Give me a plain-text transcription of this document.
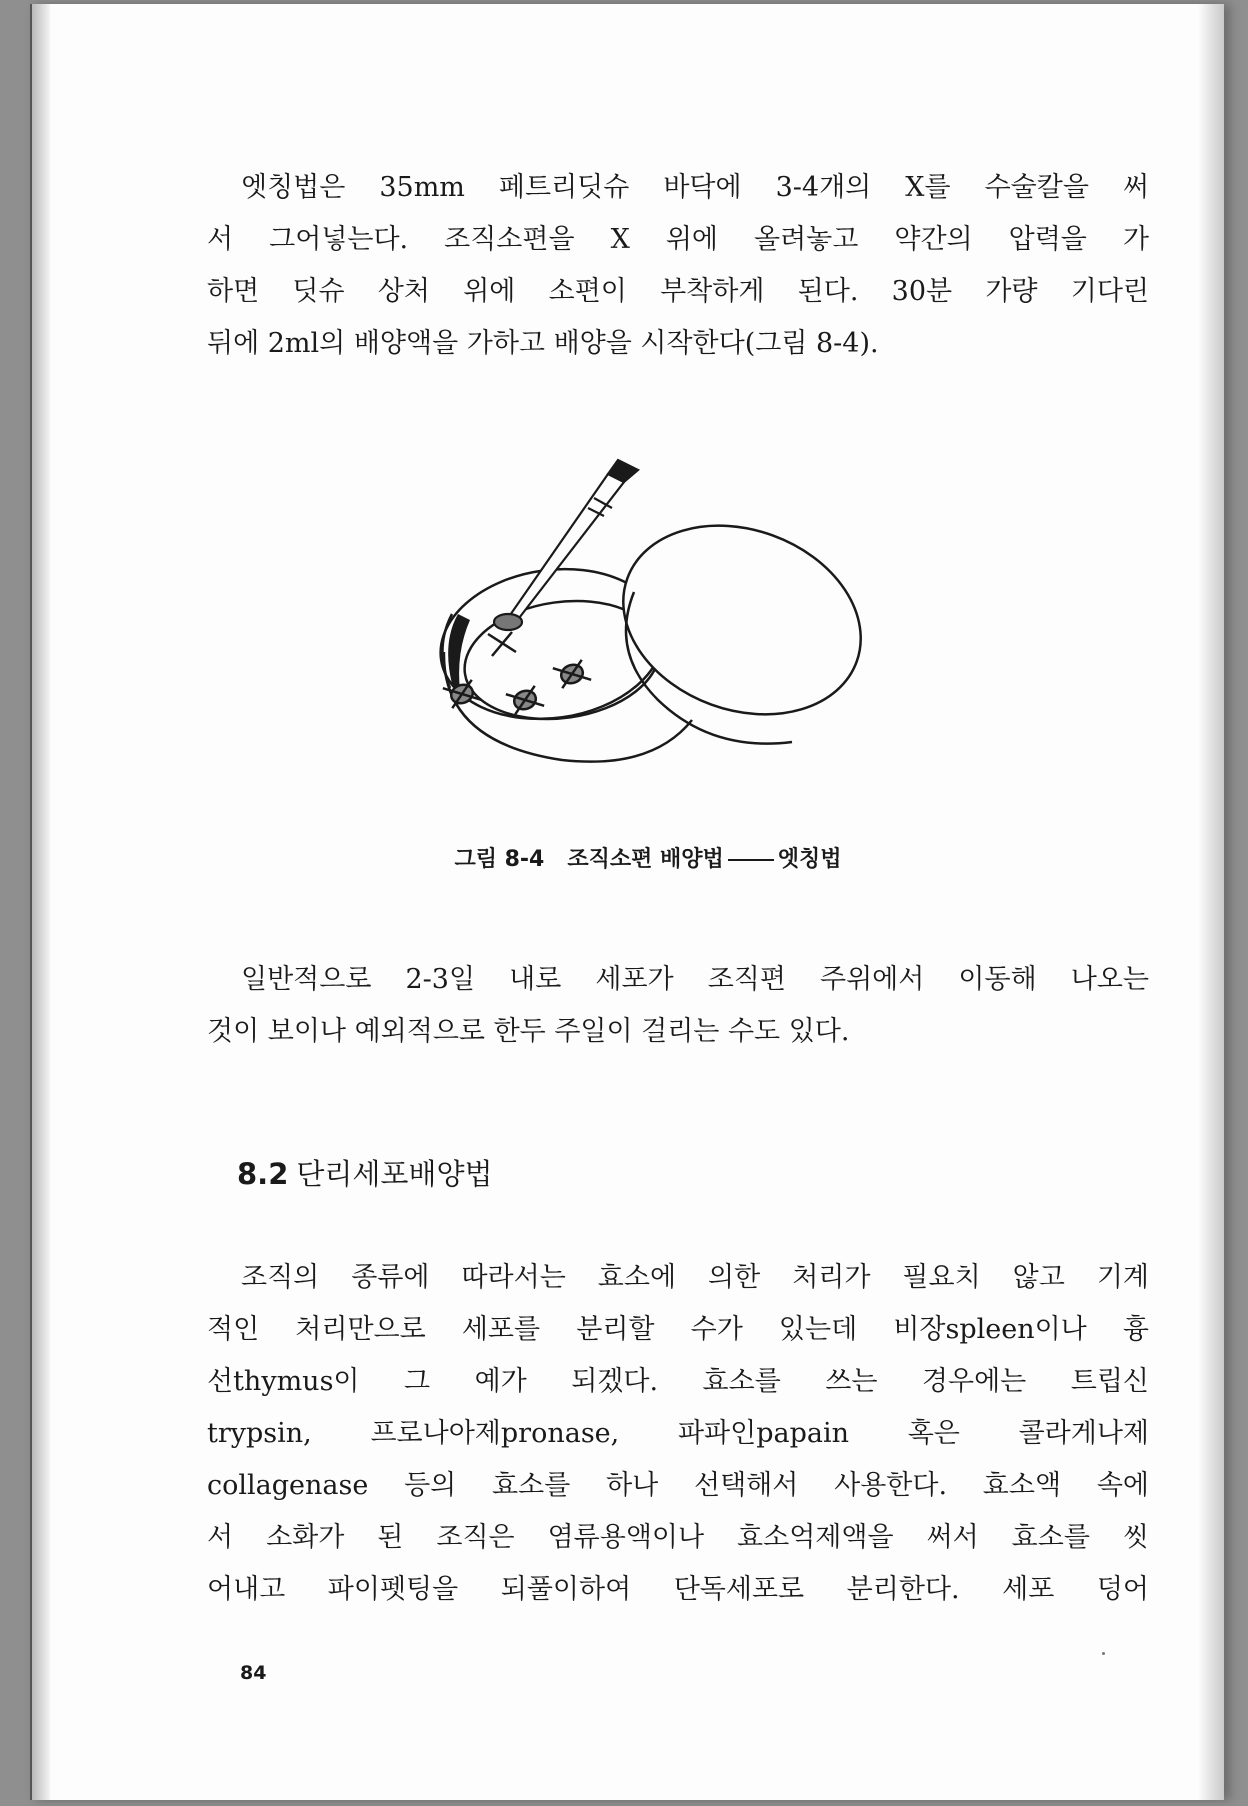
엣칭법은 35mm 페트리딧슈 바닥에 3-4개의 X를 수술칼을 써
서 그어넣는다. 조직소편을 X 위에 올려놓고 약간의 압력을 가
하면 딧슈 상처 위에 소편이 부착하게 된다. 30분 가량 기다린
뒤에 2ml의 배양액을 가하고 배양을 시작한다(그림 8-4).

그림 8-4 조직소편 배양법 엣칭법

일반적으로 2-3일 내로 세포가 조직편 주위에서 이동해 나오는
것이 보이나 예외적으로 한두 주일이 걸리는 수도 있다.

8.2 단리세포배양법

조직의 종류에 따라서는 효소에 의한 처리가 필요치 않고 기계
적인 처리만으로 세포를 분리할 수가 있는데 비장spleen이나 흉
선thymus이 그 예가 되겠다. 효소를 쓰는 경우에는 트립신
trypsin, 프로나아제pronase, 파파인papain 혹은 콜라게나제
collagenase 등의 효소를 하나 선택해서 사용한다. 효소액 속에
서 소화가 된 조직은 염류용액이나 효소억제액을 써서 효소를 씻
어내고 파이펫팅을 되풀이하여 단독세포로 분리한다. 세포 덩어

84
